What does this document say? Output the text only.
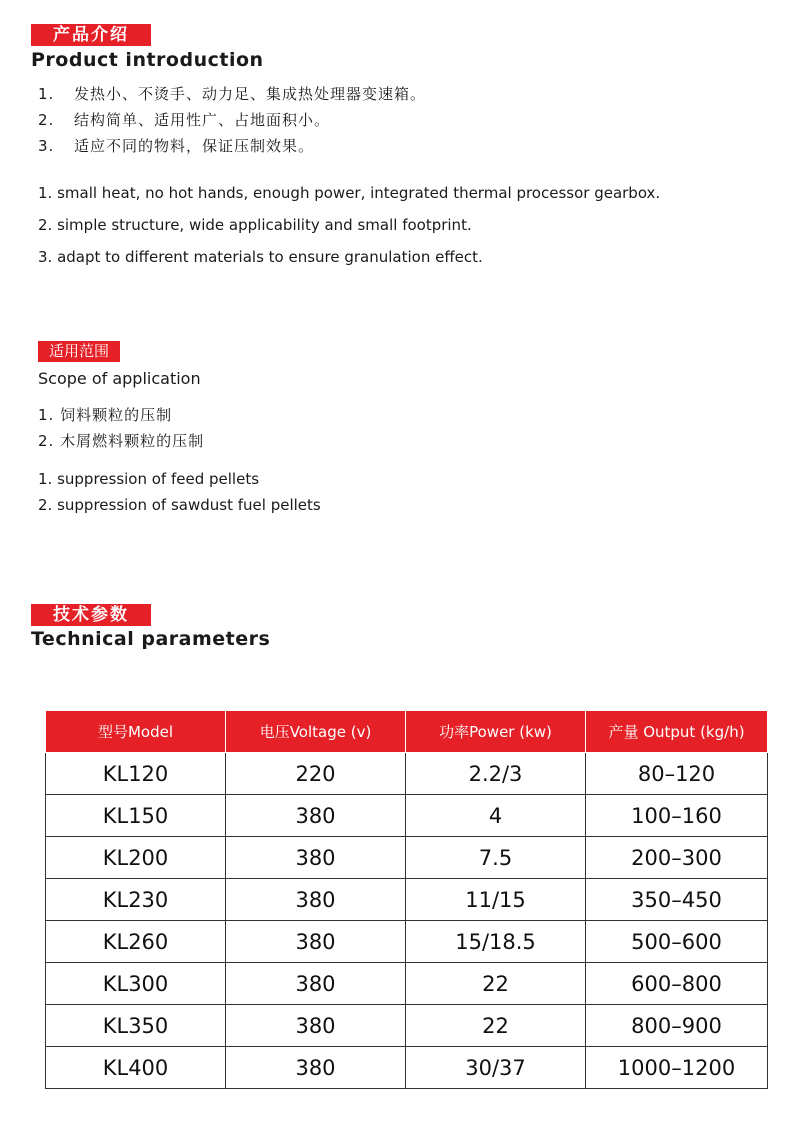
产品介绍
Product introduction
1. 发热小、不烫手、动力足、集成热处理器变速箱。
2. 结构简单、适用性广、占地面积小。
3. 适应不同的物料，保证压制效果。
1. small heat, no hot hands, enough power, integrated thermal processor gearbox.
2. simple structure, wide applicability and small footprint.
3. adapt to different materials to ensure granulation effect.
适用范围
Scope of application
1. 饲料颗粒的压制
2. 木屑燃料颗粒的压制
1. suppression of feed pellets
2. suppression of sawdust fuel pellets
技术参数
Technical parameters
型号Model	电压Voltage (v)	功率Power (kw)	产量 Output (kg/h)
KL120	220	2.2/3	80–120
KL150	380	4	100–160
KL200	380	7.5	200–300
KL230	380	11/15	350–450
KL260	380	15/18.5	500–600
KL300	380	22	600–800
KL350	380	22	800–900
KL400	380	30/37	1000–1200
